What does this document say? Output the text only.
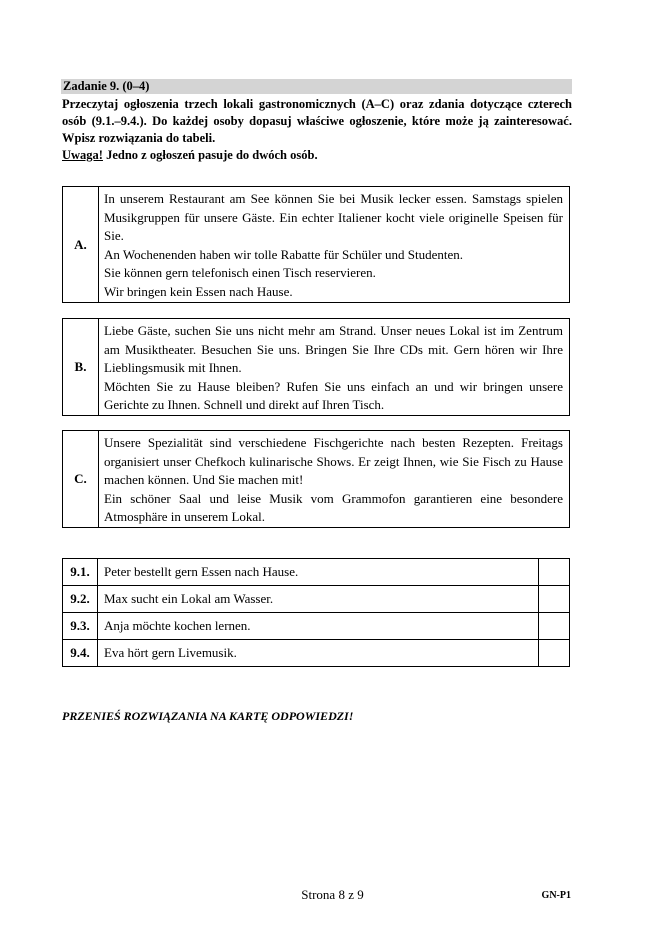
Zadanie 9. (0–4)

Przeczytaj ogłoszenia trzech lokali gastronomicznych (A–C) oraz zdania dotyczące czterech osób (9.1.–9.4.). Do każdej osoby dopasuj właściwe ogłoszenie, które może ją zainteresować. Wpisz rozwiązania do tabeli.

Uwaga! Jedno z ogłoszeń pasuje do dwóch osób.

A.

In unserem Restaurant am See können Sie bei Musik lecker essen. Samstags spielen Musikgruppen für unsere Gäste. Ein echter Italiener kocht viele originelle Speisen für Sie.

An Wochenenden haben wir tolle Rabatte für Schüler und Studenten.

Sie können gern telefonisch einen Tisch reservieren.

Wir bringen kein Essen nach Hause.

B.

Liebe Gäste, suchen Sie uns nicht mehr am Strand. Unser neues Lokal ist im Zentrum am Musiktheater. Besuchen Sie uns. Bringen Sie Ihre CDs mit. Gern hören wir Ihre Lieblingsmusik mit Ihnen.

Möchten Sie zu Hause bleiben? Rufen Sie uns einfach an und wir bringen unsere Gerichte zu Ihnen. Schnell und direkt auf Ihren Tisch.

C.

Unsere Spezialität sind verschiedene Fischgerichte nach besten Rezepten. Freitags organisiert unser Chefkoch kulinarische Shows. Er zeigt Ihnen, wie Sie Fisch zu Hause machen können. Und Sie machen mit!

Ein schöner Saal und leise Musik vom Grammofon garantieren eine besondere Atmosphäre in unserem Lokal.

9.1.	Peter bestellt gern Essen nach Hause.	
9.2.	Max sucht ein Lokal am Wasser.	
9.3.	Anja möchte kochen lernen.	
9.4.	Eva hört gern Livemusik.	
PRZENIEŚ ROZWIĄZANIA NA KARTĘ ODPOWIEDZI!
Strona 8 z 9	GN-P1
